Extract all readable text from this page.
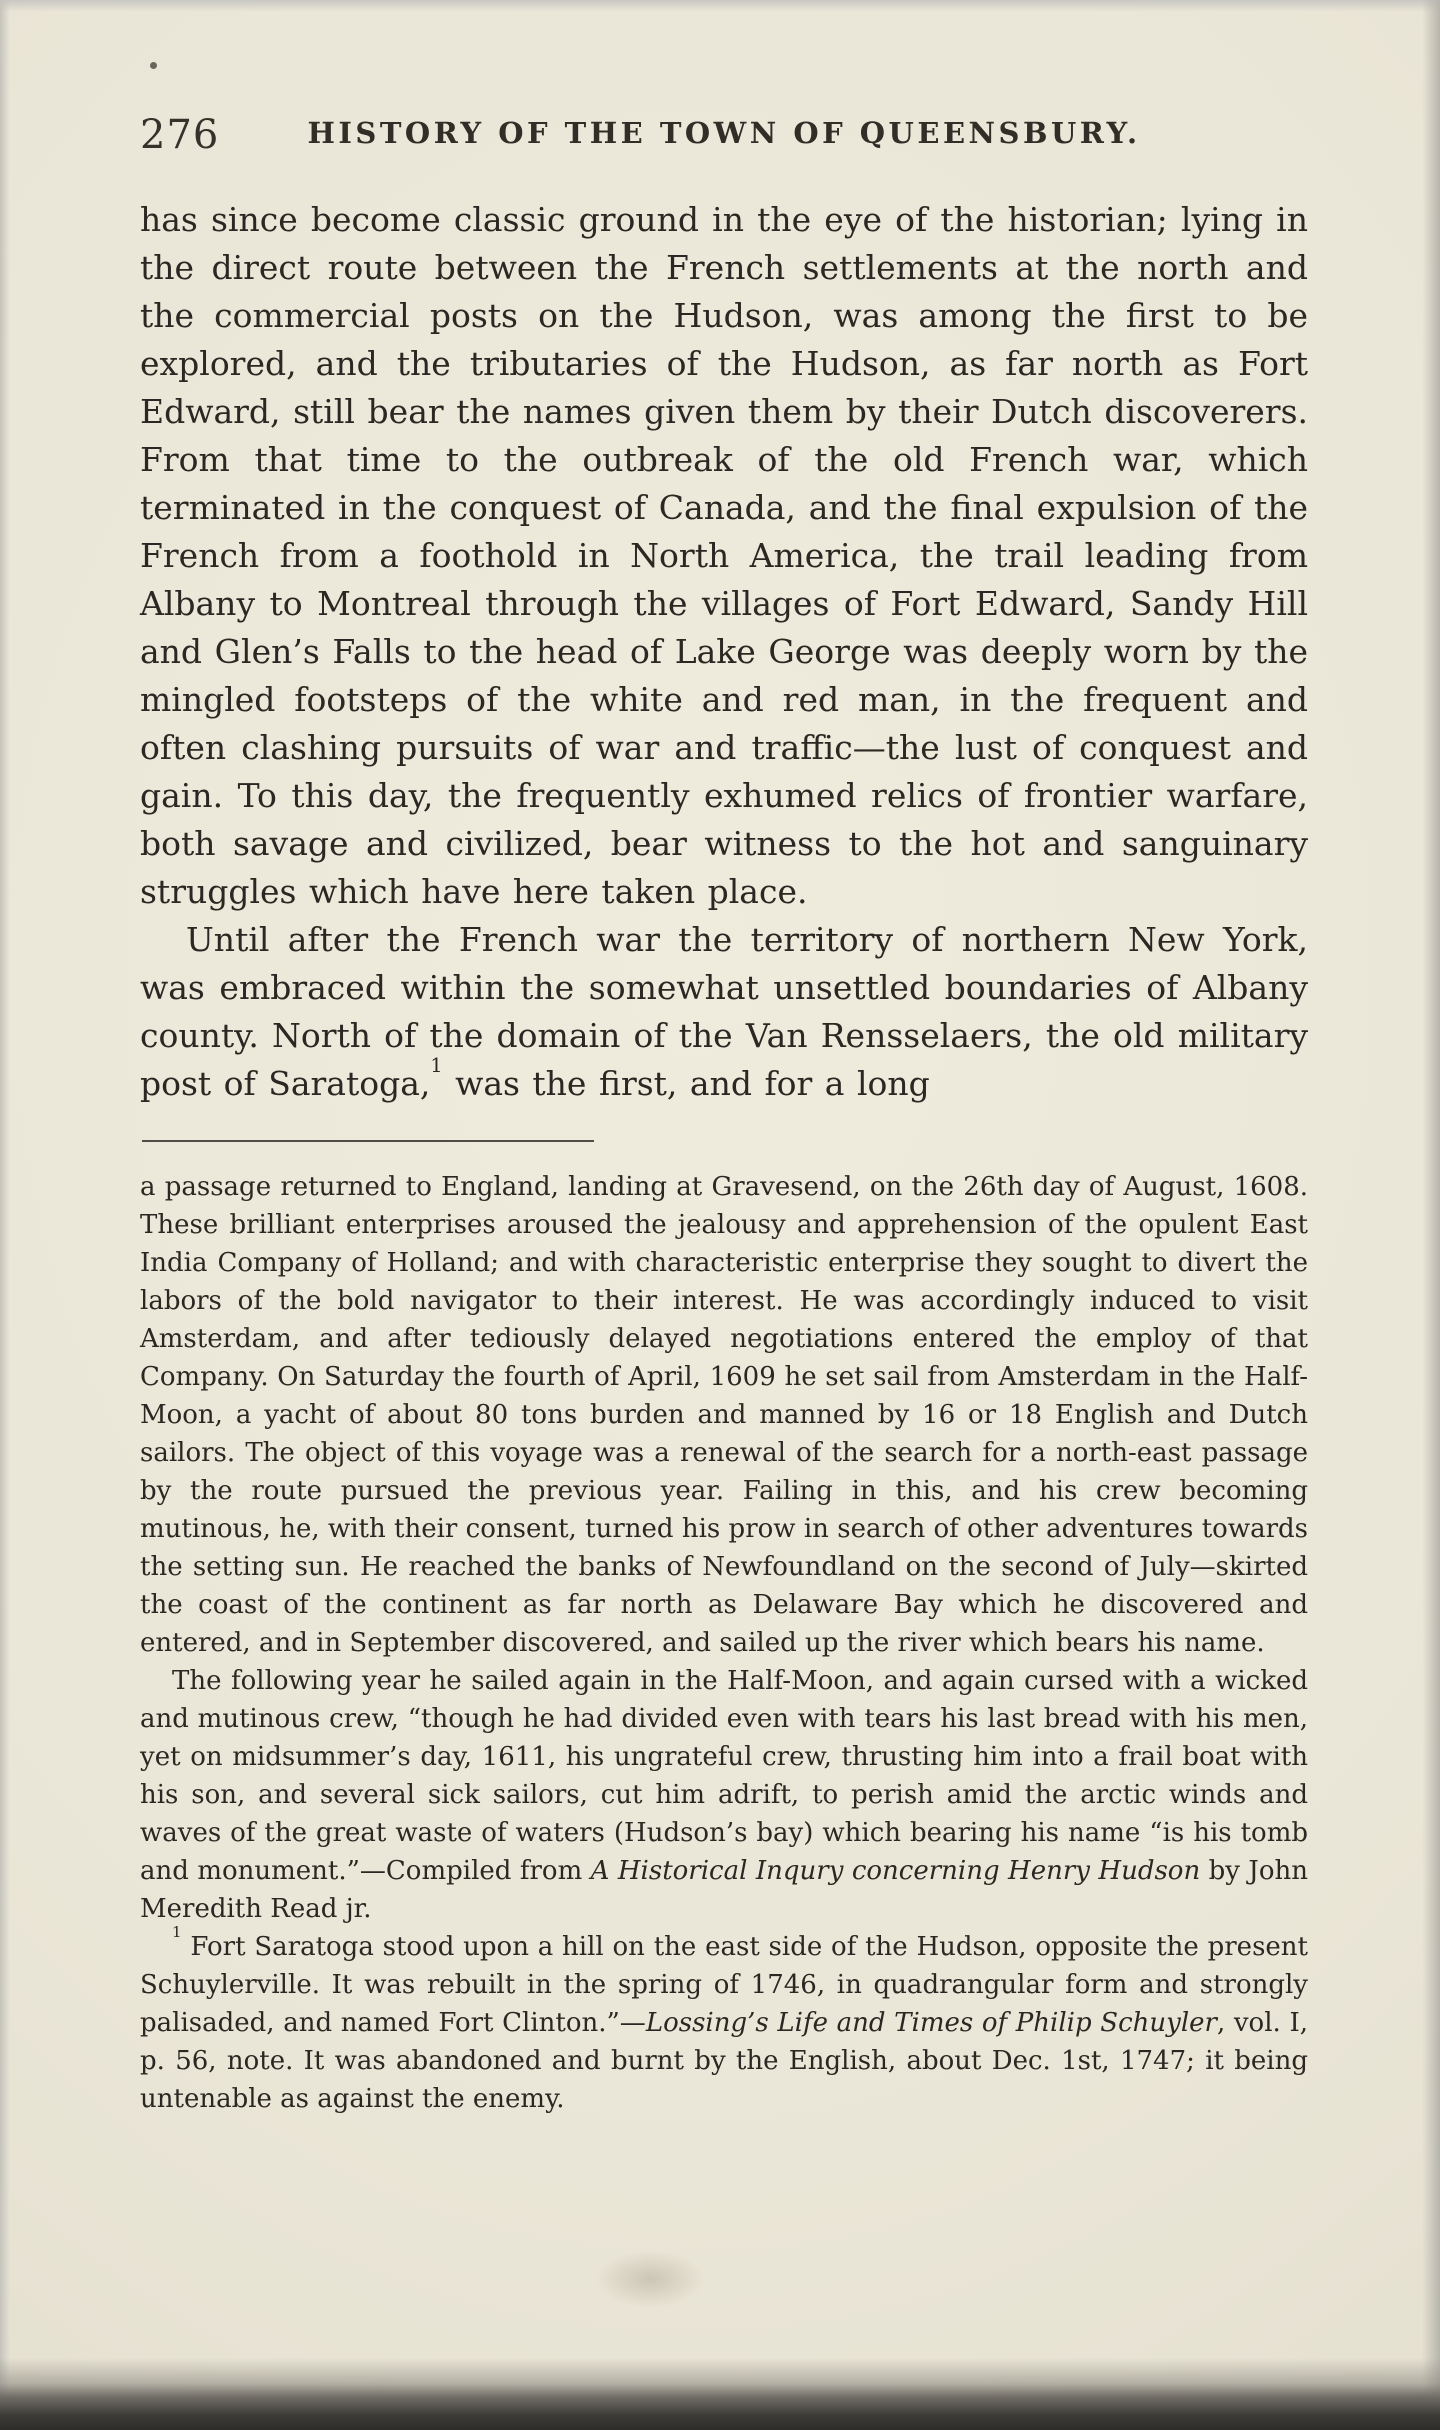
276	HISTORY OF THE TOWN OF QUEENSBURY.

has since become classic ground in the eye of the historian; lying in the direct route between the French settlements at the north and the commercial posts on the Hudson, was among the first to be explored, and the tributaries of the Hudson, as far north as Fort Edward, still bear the names given them by their Dutch discoverers. From that time to the outbreak of the old French war, which terminated in the conquest of Canada, and the final expulsion of the French from a foothold in North America, the trail leading from Albany to Montreal through the villages of Fort Edward, Sandy Hill and Glen’s Falls to the head of Lake George was deeply worn by the mingled footsteps of the white and red man, in the frequent and often clashing pursuits of war and traffic—the lust of conquest and gain. To this day, the frequently exhumed relics of frontier warfare, both savage and civilized, bear witness to the hot and sanguinary struggles which have here taken place.

Until after the French war the territory of northern New York, was embraced within the somewhat unsettled boundaries of Albany county. North of the domain of the Van Rensselaers, the old military post of Saratoga,$^1$ was the first, and for a long

a passage returned to England, landing at Gravesend, on the 26th day of August, 1608. These brilliant enterprises aroused the jealousy and apprehension of the opulent East India Company of Holland; and with characteristic enterprise they sought to divert the labors of the bold navigator to their interest. He was accordingly induced to visit Amsterdam, and after tediously delayed negotiations entered the employ of that Company. On Saturday the fourth of April, 1609 he set sail from Amsterdam in the Half-Moon, a yacht of about 80 tons burden and manned by 16 or 18 English and Dutch sailors. The object of this voyage was a renewal of the search for a north-east passage by the route pursued the previous year. Failing in this, and his crew becoming mutinous, he, with their consent, turned his prow in search of other adventures towards the setting sun. He reached the banks of Newfoundland on the second of July—skirted the coast of the continent as far north as Delaware Bay which he discovered and entered, and in September discovered, and sailed up the river which bears his name.

The following year he sailed again in the Half-Moon, and again cursed with a wicked and mutinous crew, “though he had divided even with tears his last bread with his men, yet on midsummer’s day, 1611, his ungrateful crew, thrusting him into a frail boat with his son, and several sick sailors, cut him adrift, to perish amid the arctic winds and waves of the great waste of waters (Hudson’s bay) which bearing his name “is his tomb and monument.”—Compiled from A Historical Inqury concerning Henry Hudson by John Meredith Read jr.

$^1$ Fort Saratoga stood upon a hill on the east side of the Hudson, opposite the present Schuylerville. It was rebuilt in the spring of 1746, in quadrangular form and strongly palisaded, and named Fort Clinton.”—Lossing’s Life and Times of Philip Schuyler, vol. I, p. 56, note. It was abandoned and burnt by the English, about Dec. 1st, 1747; it being untenable as against the enemy.
